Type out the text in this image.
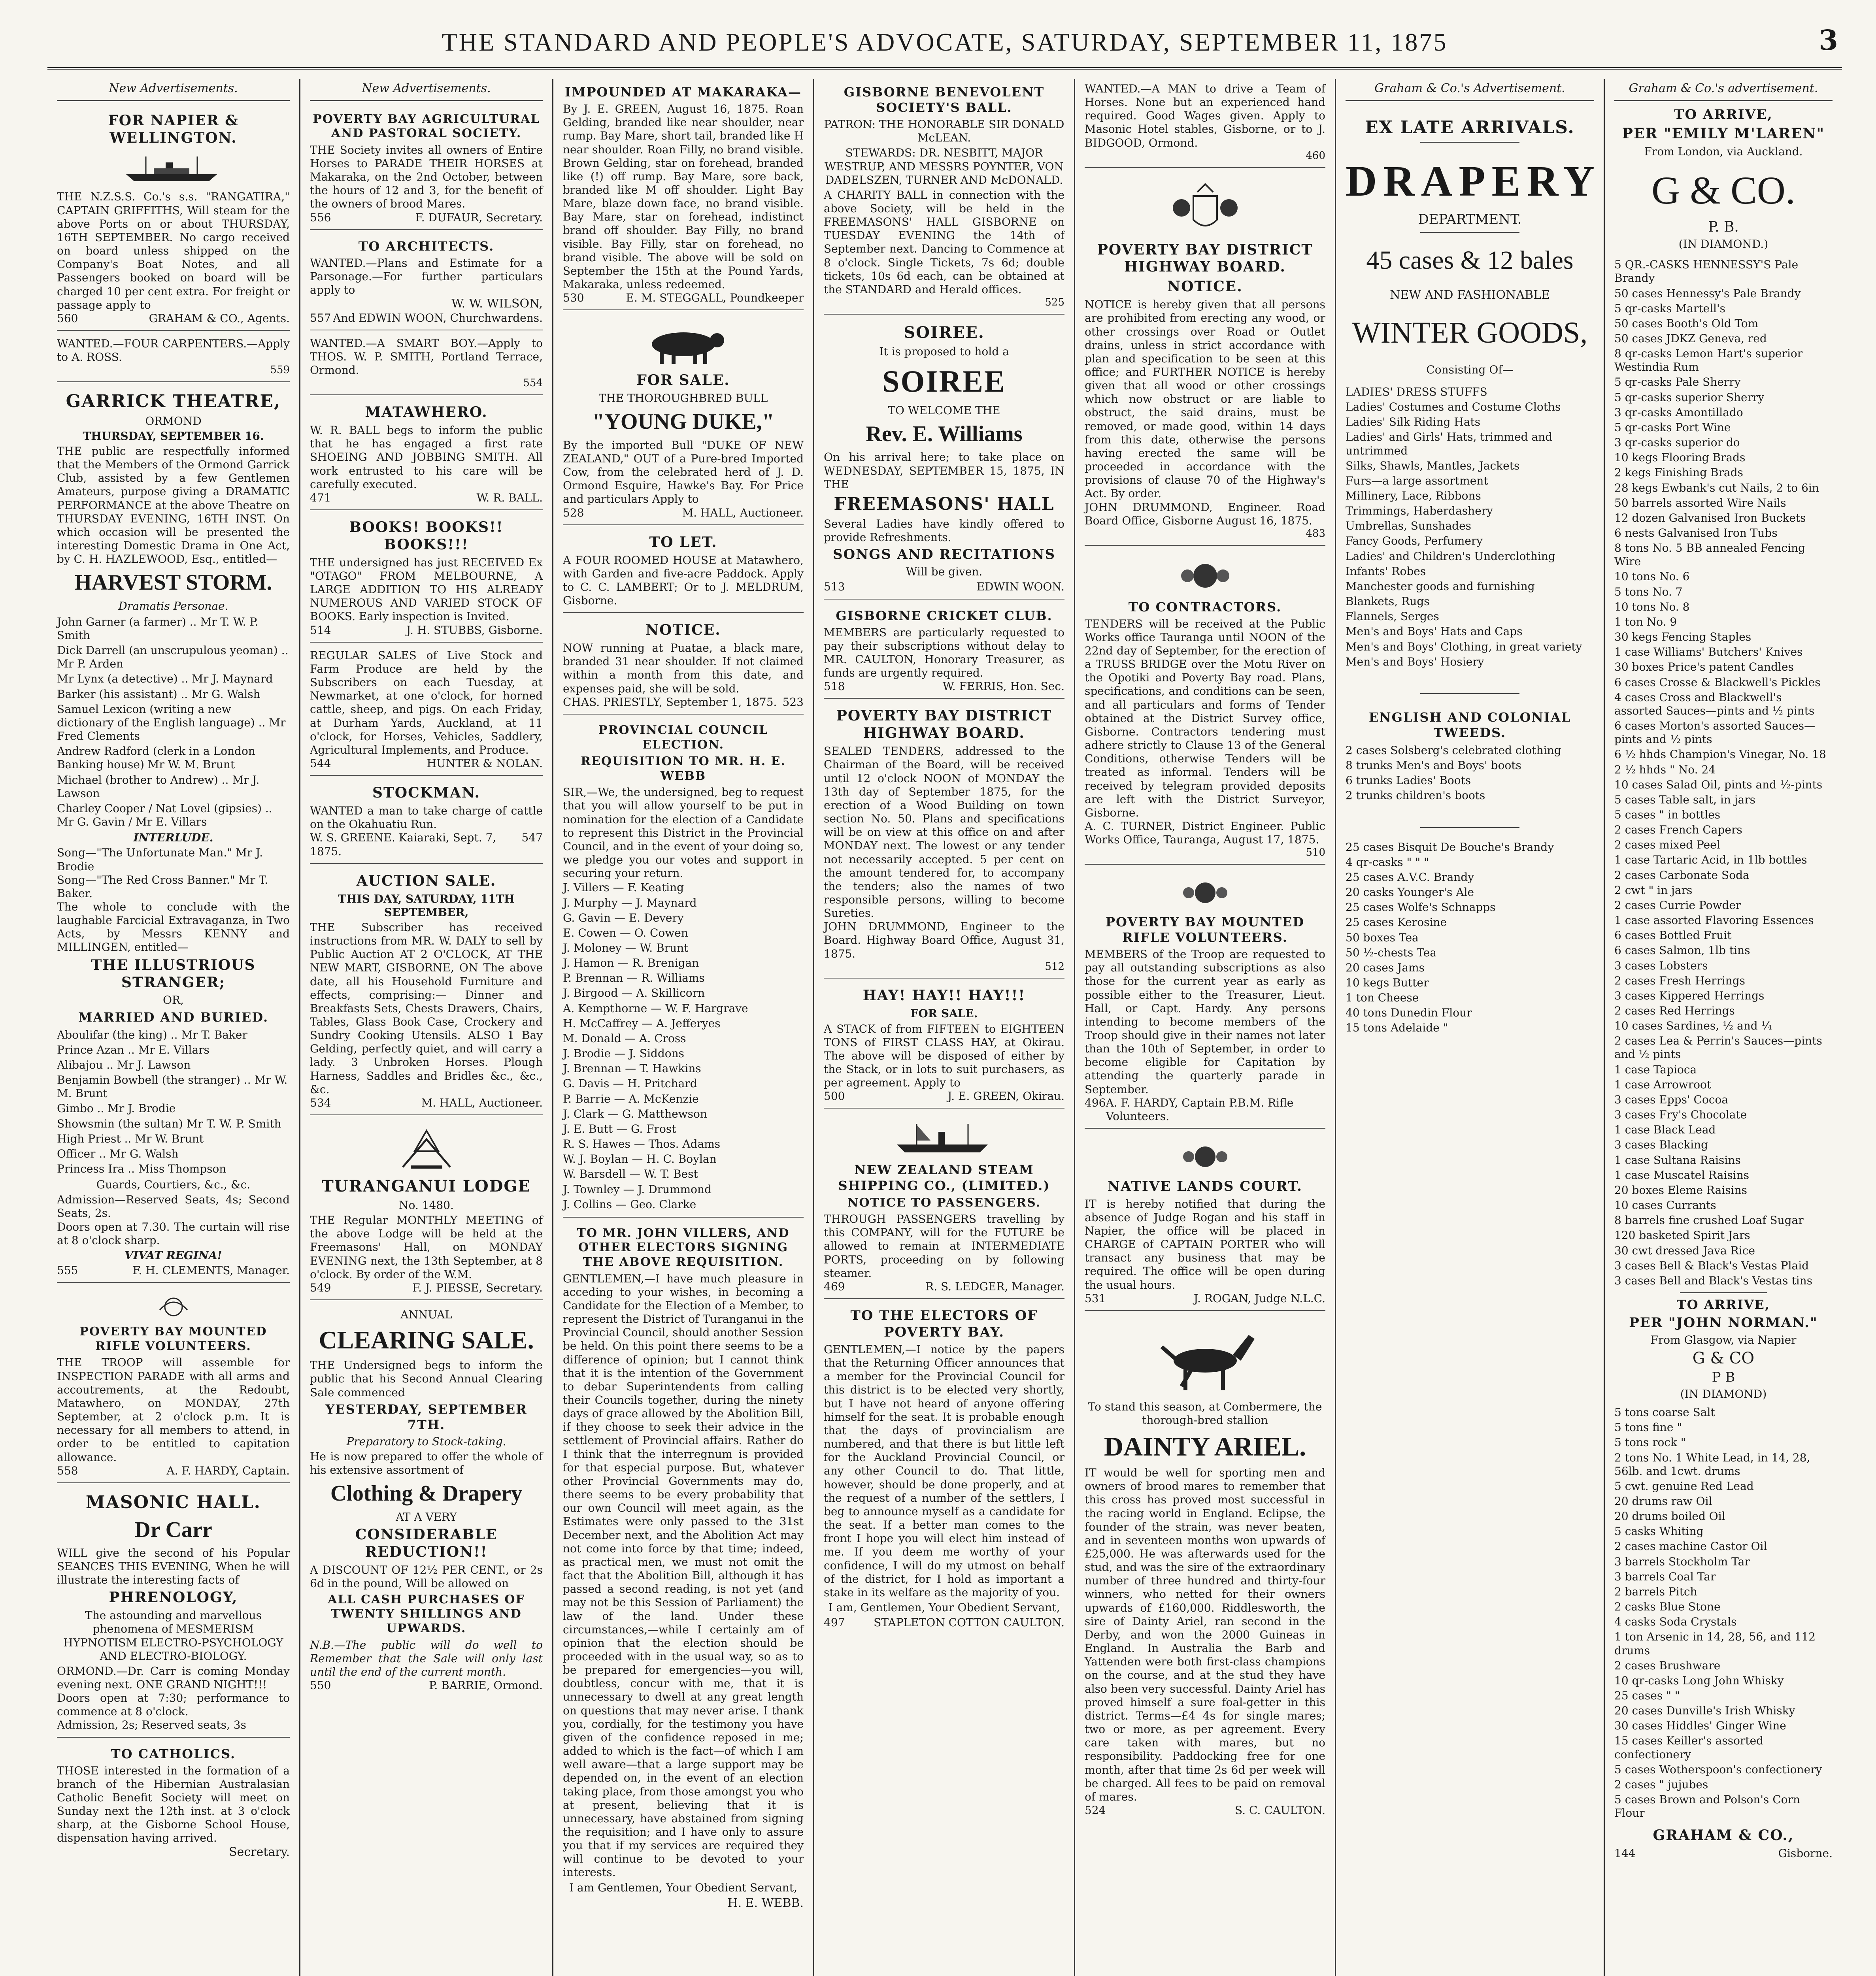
THE STANDARD AND PEOPLE'S ADVOCATE, SATURDAY, SEPTEMBER 11, 1875	3
New Advertisements.
FOR NAPIER & WELLINGTON.
THE N.Z.S.S. Co.'s s.s. "RANGATIRA," CAPTAIN GRIFFITHS, Will steam for the above Ports on or about THURSDAY, 16TH SEPTEMBER. No cargo received on board unless shipped on the Company's Boat Notes, and all Passengers booked on board will be charged 10 per cent extra. For freight or passage apply to
560	GRAHAM & CO., Agents.
WANTED.—FOUR CARPENTERS.—Apply to A. ROSS.
559
GARRICK THEATRE,
ORMOND
THURSDAY, SEPTEMBER 16.
THE public are respectfully informed that the Members of the Ormond Garrick Club, assisted by a few Gentlemen Amateurs, purpose giving a DRAMATIC PERFORMANCE at the above Theatre on THURSDAY EVENING, 16TH INST. On which occasion will be presented the interesting Domestic Drama in One Act, by C. H. HAZLEWOOD, Esq., entitled—
HARVEST STORM.
Dramatis Personae.
John Garner (a farmer) .. Mr T. W. P. Smith
Dick Darrell (an unscrupulous yeoman) .. Mr P. Arden
Mr Lynx (a detective) .. Mr J. Maynard
Barker (his assistant) .. Mr G. Walsh
Samuel Lexicon (writing a new dictionary of the English language) .. Mr Fred Clements
Andrew Radford (clerk in a London Banking house) Mr W. M. Brunt
Michael (brother to Andrew) .. Mr J. Lawson
Charley Cooper / Nat Lovel (gipsies) .. Mr G. Gavin / Mr E. Villars
INTERLUDE.
Song—"The Unfortunate Man." Mr J. Brodie
Song—"The Red Cross Banner." Mr T. Baker.
The whole to conclude with the laughable Farcicial Extravaganza, in Two Acts, by Messrs KENNY and MILLINGEN, entitled—
THE ILLUSTRIOUS STRANGER;
OR,
MARRIED AND BURIED.
Aboulifar (the king) .. Mr T. Baker
Prince Azan .. Mr E. Villars
Alibajou .. Mr J. Lawson
Benjamin Bowbell (the stranger) .. Mr W. M. Brunt
Gimbo .. Mr J. Brodie
Showsmin (the sultan) Mr T. W. P. Smith
High Priest .. Mr W. Brunt
Officer .. Mr G. Walsh
Princess Ira .. Miss Thompson
Guards, Courtiers, &c., &c.
Admission—Reserved Seats, 4s; Second Seats, 2s.
Doors open at 7.30. The curtain will rise at 8 o'clock sharp.
VIVAT REGINA!
555	F. H. CLEMENTS, Manager.
POVERTY BAY MOUNTED RIFLE VOLUNTEERS.
THE TROOP will assemble for INSPECTION PARADE with all arms and accoutrements, at the Redoubt, Matawhero, on MONDAY, 27th September, at 2 o'clock p.m. It is necessary for all members to attend, in order to be entitled to capitation allowance.
558	A. F. HARDY, Captain.
MASONIC HALL.
Dr Carr
WILL give the second of his Popular SEANCES THIS EVENING, When he will illustrate the interesting facts of
PHRENOLOGY,
The astounding and marvellous phenomena of MESMERISM HYPNOTISM ELECTRO-PSYCHOLOGY AND ELECTRO-BIOLOGY.
ORMOND.—Dr. Carr is coming Monday evening next. ONE GRAND NIGHT!!!
Doors open at 7:30; performance to commence at 8 o'clock.
Admission, 2s; Reserved seats, 3s
TO CATHOLICS.
THOSE interested in the formation of a branch of the Hibernian Australasian Catholic Benefit Society will meet on Sunday next the 12th inst. at 3 o'clock sharp, at the Gisborne School House, dispensation having arrived.
Secretary.
New Advertisements.
POVERTY BAY AGRICULTURAL AND PASTORAL SOCIETY.
THE Society invites all owners of Entire Horses to PARADE THEIR HORSES at Makaraka, on the 2nd October, between the hours of 12 and 3, for the benefit of the owners of brood Mares.
556	F. DUFAUR, Secretary.
TO ARCHITECTS.
WANTED.—Plans and Estimate for a Parsonage.—For further particulars apply to
W. W. WILSON,
557 And EDWIN WOON, Churchwardens.
WANTED.—A SMART BOY.—Apply to THOS. W. P. SMITH, Portland Terrace, Ormond.
554
MATAWHERO.
W. R. BALL begs to inform the public that he has engaged a first rate SHOEING AND JOBBING SMITH. All work entrusted to his care will be carefully executed.
471	W. R. BALL.
BOOKS! BOOKS!! BOOKS!!!
THE undersigned has just RECEIVED Ex "OTAGO" FROM MELBOURNE, A LARGE ADDITION TO HIS ALREADY NUMEROUS AND VARIED STOCK OF BOOKS. Early inspection is Invited.
514	J. H. STUBBS, Gisborne.
REGULAR SALES of Live Stock and Farm Produce are held by the Subscribers on each Tuesday, at Newmarket, at one o'clock, for horned cattle, sheep, and pigs. On each Friday, at Durham Yards, Auckland, at 11 o'clock, for Horses, Vehicles, Saddlery, Agricultural Implements, and Produce.
544	HUNTER & NOLAN.
STOCKMAN.
WANTED a man to take charge of cattle on the Okahuatiu Run.
W. S. GREENE. Kaiaraki, Sept. 7, 1875.
547
AUCTION SALE.
THIS DAY, SATURDAY, 11TH SEPTEMBER,
THE Subscriber has received instructions from MR. W. DALY to sell by Public Auction AT 2 O'CLOCK, AT THE NEW MART, GISBORNE, ON The above date, all his Household Furniture and effects, comprising:— Dinner and Breakfasts Sets, Chests Drawers, Chairs, Tables, Glass Book Case, Crockery and Sundry Cooking Utensils. ALSO 1 Bay Gelding, perfectly quiet, and will carry a lady. 3 Unbroken Horses. Plough Harness, Saddles and Bridles &c., &c., &c.
534	M. HALL, Auctioneer.
TURANGANUI LODGE
No. 1480.
THE Regular MONTHLY MEETING of the above Lodge will be held at the Freemasons' Hall, on MONDAY EVENING next, the 13th September, at 8 o'clock. By order of the W.M.
549	F. J. PIESSE, Secretary.
ANNUAL
CLEARING SALE.
THE Undersigned begs to inform the public that his Second Annual Clearing Sale commenced
YESTERDAY, SEPTEMBER 7TH.
Preparatory to Stock-taking.
He is now prepared to offer the whole of his extensive assortment of
Clothing & Drapery
AT A VERY
CONSIDERABLE REDUCTION!!
A DISCOUNT OF 12½ PER CENT., or 2s 6d in the pound, Will be allowed on
ALL CASH PURCHASES OF TWENTY SHILLINGS AND UPWARDS.
N.B.—The public will do well to Remember that the Sale will only last until the end of the current month.
550	P. BARRIE, Ormond.
IMPOUNDED AT MAKARAKA—
By J. E. GREEN, August 16, 1875. Roan Gelding, branded like near shoulder, near rump. Bay Mare, short tail, branded like H near shoulder. Roan Filly, no brand visible. Brown Gelding, star on forehead, branded like (!) off rump. Bay Mare, sore back, branded like M off shoulder. Light Bay Mare, blaze down face, no brand visible. Bay Mare, star on forehead, indistinct brand off shoulder. Bay Filly, no brand visible. Bay Filly, star on forehead, no brand visible. The above will be sold on September the 15th at the Pound Yards, Makaraka, unless redeemed.
530	E. M. STEGGALL, Poundkeeper
FOR SALE.
THE THOROUGHBRED BULL
"YOUNG DUKE,"
By the imported Bull "DUKE OF NEW ZEALAND," OUT of a Pure-bred Imported Cow, from the celebrated herd of J. D. Ormond Esquire, Hawke's Bay. For Price and particulars Apply to
528	M. HALL, Auctioneer.
TO LET.
A FOUR ROOMED HOUSE at Matawhero, with Garden and five-acre Paddock. Apply to C. C. LAMBERT; Or to J. MELDRUM, Gisborne.
NOTICE.
NOW running at Puatae, a black mare, branded 31 near shoulder. If not claimed within a month from this date, and expenses paid, she will be sold.
CHAS. PRIESTLY, September 1, 1875. 523
PROVINCIAL COUNCIL ELECTION.
REQUISITION TO MR. H. E. WEBB
SIR,—We, the undersigned, beg to request that you will allow yourself to be put in nomination for the election of a Candidate to represent this District in the Provincial Council, and in the event of your doing so, we pledge you our votes and support in securing your return.
J. Villers — F. Keating
J. Murphy — J. Maynard
G. Gavin — E. Devery
E. Cowen — O. Cowen
J. Moloney — W. Brunt
J. Hamon — R. Brenigan
P. Brennan — R. Williams
J. Birgood — A. Skillicorn
A. Kempthorne — W. F. Hargrave
H. McCaffrey — A. Jefferyes
M. Donald — A. Cross
J. Brodie — J. Siddons
J. Brennan — T. Hawkins
G. Davis — H. Pritchard
P. Barrie — A. McKenzie
J. Clark — G. Matthewson
J. E. Butt — G. Frost
R. S. Hawes — Thos. Adams
W. J. Boylan — H. C. Boylan
W. Barsdell — W. T. Best
J. Townley — J. Drummond
J. Collins — Geo. Clarke
TO MR. JOHN VILLERS, AND OTHER ELECTORS SIGNING THE ABOVE REQUISITION.
GENTLEMEN,—I have much pleasure in acceding to your wishes, in becoming a Candidate for the Election of a Member, to represent the District of Turanganui in the Provincial Council, should another Session be held. On this point there seems to be a difference of opinion; but I cannot think that it is the intention of the Government to debar Superintendents from calling their Councils together, during the ninety days of grace allowed by the Abolition Bill, if they choose to seek their advice in the settlement of Provincial affairs. Rather do I think that the interregnum is provided for that especial purpose. But, whatever other Provincial Governments may do, there seems to be every probability that our own Council will meet again, as the Estimates were only passed to the 31st December next, and the Abolition Act may not come into force by that time; indeed, as practical men, we must not omit the fact that the Abolition Bill, although it has passed a second reading, is not yet (and may not be this Session of Parliament) the law of the land. Under these circumstances,—while I certainly am of opinion that the election should be proceeded with in the usual way, so as to be prepared for emergencies—you will, doubtless, concur with me, that it is unnecessary to dwell at any great length on questions that may never arise. I thank you, cordially, for the testimony you have given of the confidence reposed in me; added to which is the fact—of which I am well aware—that a large support may be depended on, in the event of an election taking place, from those amongst you who at present, believing that it is unnecessary, have abstained from signing the requisition; and I have only to assure you that if my services are required they will continue to be devoted to your interests.
I am Gentlemen, Your Obedient Servant,
H. E. WEBB.
GISBORNE BENEVOLENT SOCIETY'S BALL.
PATRON: THE HONORABLE SIR DONALD McLEAN.
STEWARDS: DR. NESBITT, MAJOR WESTRUP, AND MESSRS POYNTER, VON DADELSZEN, TURNER AND McDONALD.
A CHARITY BALL in connection with the above Society, will be held in the FREEMASONS' HALL GISBORNE on TUESDAY EVENING the 14th of September next. Dancing to Commence at 8 o'clock. Single Tickets, 7s 6d; double tickets, 10s 6d each, can be obtained at the STANDARD and Herald offices.
525
SOIREE.
It is proposed to hold a
SOIREE
TO WELCOME THE
Rev. E. Williams
On his arrival here; to take place on WEDNESDAY, SEPTEMBER 15, 1875, IN THE
FREEMASONS' HALL
Several Ladies have kindly offered to provide Refreshments.
SONGS AND RECITATIONS
Will be given.
513	EDWIN WOON.
GISBORNE CRICKET CLUB.
MEMBERS are particularly requested to pay their subscriptions without delay to MR. CAULTON, Honorary Treasurer, as funds are urgently required.
518	W. FERRIS, Hon. Sec.
POVERTY BAY DISTRICT HIGHWAY BOARD.
SEALED TENDERS, addressed to the Chairman of the Board, will be received until 12 o'clock NOON of MONDAY the 13th day of September 1875, for the erection of a Wood Building on town section No. 50. Plans and specifications will be on view at this office on and after MONDAY next. The lowest or any tender not necessarily accepted. 5 per cent on the amount tendered for, to accompany the tenders; also the names of two responsible persons, willing to become Sureties.
JOHN DRUMMOND, Engineer to the Board. Highway Board Office, August 31, 1875.
512
HAY! HAY!! HAY!!!
FOR SALE.
A STACK of from FIFTEEN to EIGHTEEN TONS of FIRST CLASS HAY, at Okirau. The above will be disposed of either by the Stack, or in lots to suit purchasers, as per agreement. Apply to
500	J. E. GREEN, Okirau.
NEW ZEALAND STEAM SHIPPING CO., (LIMITED.)
NOTICE TO PASSENGERS.
THROUGH PASSENGERS travelling by this COMPANY, will for the FUTURE be allowed to remain at INTERMEDIATE PORTS, proceeding on by following steamer.
469	R. S. LEDGER, Manager.
TO THE ELECTORS OF POVERTY BAY.
GENTLEMEN,—I notice by the papers that the Returning Officer announces that a member for the Provincial Council for this district is to be elected very shortly, but I have not heard of anyone offering himself for the seat. It is probable enough that the days of provincialism are numbered, and that there is but little left for the Auckland Provincial Council, or any other Council to do. That little, however, should be done properly, and at the request of a number of the settlers, I beg to announce myself as a candidate for the seat. If a better man comes to the front I hope you will elect him instead of me. If you deem me worthy of your confidence, I will do my utmost on behalf of the district, for I hold as important a stake in its welfare as the majority of you.
I am, Gentlemen, Your Obedient Servant,
497	STAPLETON COTTON CAULTON.
WANTED.—A MAN to drive a Team of Horses. None but an experienced hand required. Good Wages given. Apply to Masonic Hotel stables, Gisborne, or to J. BIDGOOD, Ormond.
460
POVERTY BAY DISTRICT HIGHWAY BOARD.
NOTICE.
NOTICE is hereby given that all persons are prohibited from erecting any wood, or other crossings over Road or Outlet drains, unless in strict accordance with plan and specification to be seen at this office; and FURTHER NOTICE is hereby given that all wood or other crossings which now obstruct or are liable to obstruct, the said drains, must be removed, or made good, within 14 days from this date, otherwise the persons having erected the same will be proceeded in accordance with the provisions of clause 70 of the Highway's Act. By order.
JOHN DRUMMOND, Engineer. Road Board Office, Gisborne August 16, 1875.
483
TO CONTRACTORS.
TENDERS will be received at the Public Works office Tauranga until NOON of the 22nd day of September, for the erection of a TRUSS BRIDGE over the Motu River on the Opotiki and Poverty Bay road. Plans, specifications, and conditions can be seen, and all particulars and forms of Tender obtained at the District Survey office, Gisborne. Contractors tendering must adhere strictly to Clause 13 of the General Conditions, otherwise Tenders will be treated as informal. Tenders will be received by telegram provided deposits are left with the District Surveyor, Gisborne.
A. C. TURNER, District Engineer. Public Works Office, Tauranga, August 17, 1875.
510
POVERTY BAY MOUNTED RIFLE VOLUNTEERS.
MEMBERS of the Troop are requested to pay all outstanding subscriptions as also those for the current year as early as possible either to the Treasurer, Lieut. Hall, or Capt. Hardy. Any persons intending to become members of the Troop should give in their names not later than the 10th of September, in order to become eligible for Capitation by attending the quarterly parade in September.
496 A. F. HARDY, Captain P.B.M. Rifle Volunteers.
NATIVE LANDS COURT.
IT is hereby notified that during the absence of Judge Rogan and his staff in Napier, the office will be placed in CHARGE of CAPTAIN PORTER who will transact any business that may be required. The office will be open during the usual hours.
531	J. ROGAN, Judge N.L.C.
To stand this season, at Combermere, the thorough-bred stallion
DAINTY ARIEL.
IT would be well for sporting men and owners of brood mares to remember that this cross has proved most successful in the racing world in England. Eclipse, the founder of the strain, was never beaten, and in seventeen months won upwards of £25,000. He was afterwards used for the stud, and was the sire of the extraordinary number of three hundred and thirty-four winners, who netted for their owners upwards of £160,000. Riddlesworth, the sire of Dainty Ariel, ran second in the Derby, and won the 2000 Guineas in England. In Australia the Barb and Yattenden were both first-class champions on the course, and at the stud they have also been very successful. Dainty Ariel has proved himself a sure foal-getter in this district. Terms—£4 4s for single mares; two or more, as per agreement. Every care taken with mares, but no responsibility. Paddocking free for one month, after that time 2s 6d per week will be charged. All fees to be paid on removal of mares.
524	S. C. CAULTON.
Graham & Co.'s Advertisement.
EX LATE ARRIVALS.
DRAPERY
DEPARTMENT.
45 cases & 12 bales
NEW AND FASHIONABLE
WINTER GOODS,
Consisting Of—
LADIES' DRESS STUFFS
Ladies' Costumes and Costume Cloths
Ladies' Silk Riding Hats
Ladies' and Girls' Hats, trimmed and untrimmed
Silks, Shawls, Mantles, Jackets
Furs—a large assortment
Millinery, Lace, Ribbons
Trimmings, Haberdashery
Umbrellas, Sunshades
Fancy Goods, Perfumery
Ladies' and Children's Underclothing
Infants' Robes
Manchester goods and furnishing
Blankets, Rugs
Flannels, Serges
Men's and Boys' Hats and Caps
Men's and Boys' Clothing, in great variety
Men's and Boys' Hosiery
ENGLISH AND COLONIAL TWEEDS.
2 cases Solsberg's celebrated clothing
8 trunks Men's and Boys' boots
6 trunks Ladies' Boots
2 trunks children's boots
25 cases Bisquit De Bouche's Brandy
4 qr-casks " " "
25 cases A.V.C. Brandy
20 casks Younger's Ale
25 cases Wolfe's Schnapps
25 cases Kerosine
50 boxes Tea
50 ½-chests Tea
20 cases Jams
10 kegs Butter
1 ton Cheese
40 tons Dunedin Flour
15 tons Adelaide "
Graham & Co.'s advertisement.
TO ARRIVE,
PER "EMILY M'LAREN"
From London, via Auckland.
G & CO.
P. B.
(IN DIAMOND.)
5 QR.-CASKS HENNESSY'S Pale Brandy
50 cases Hennessy's Pale Brandy
5 qr-casks Martell's
50 cases Booth's Old Tom
50 cases JDKZ Geneva, red
8 qr-casks Lemon Hart's superior Westindia Rum
5 qr-casks Pale Sherry
5 qr-casks superior Sherry
3 qr-casks Amontillado
5 qr-casks Port Wine
3 qr-casks superior do
10 kegs Flooring Brads
2 kegs Finishing Brads
28 kegs Ewbank's cut Nails, 2 to 6in
50 barrels assorted Wire Nails
12 dozen Galvanised Iron Buckets
6 nests Galvanised Iron Tubs
8 tons No. 5 BB annealed Fencing Wire
10 tons No. 6
5 tons No. 7
10 tons No. 8
1 ton No. 9
30 kegs Fencing Staples
1 case Williams' Butchers' Knives
30 boxes Price's patent Candles
6 cases Crosse & Blackwell's Pickles
4 cases Cross and Blackwell's assorted Sauces—pints and ½ pints
6 cases Morton's assorted Sauces—pints and ½ pints
6 ½ hhds Champion's Vinegar, No. 18
2 ½ hhds " No. 24
10 cases Salad Oil, pints and ½-pints
5 cases Table salt, in jars
5 cases " in bottles
2 cases French Capers
2 cases mixed Peel
1 case Tartaric Acid, in 1lb bottles
2 cases Carbonate Soda
2 cwt " in jars
2 cases Currie Powder
1 case assorted Flavoring Essences
6 cases Bottled Fruit
6 cases Salmon, 1lb tins
3 cases Lobsters
2 cases Fresh Herrings
3 cases Kippered Herrings
2 cases Red Herrings
10 cases Sardines, ½ and ¼
2 cases Lea & Perrin's Sauces—pints and ½ pints
1 case Tapioca
1 case Arrowroot
3 cases Epps' Cocoa
3 cases Fry's Chocolate
1 case Black Lead
3 cases Blacking
1 case Sultana Raisins
1 case Muscatel Raisins
20 boxes Eleme Raisins
10 cases Currants
8 barrels fine crushed Loaf Sugar
120 basketed Spirit Jars
30 cwt dressed Java Rice
3 cases Bell & Black's Vestas Plaid
3 cases Bell and Black's Vestas tins
TO ARRIVE,
PER "JOHN NORMAN."
From Glasgow, via Napier
G & CO
P B
(IN DIAMOND)
5 tons coarse Salt
5 tons fine "
5 tons rock "
2 tons No. 1 White Lead, in 14, 28, 56lb. and 1cwt. drums
5 cwt. genuine Red Lead
20 drums raw Oil
20 drums boiled Oil
5 casks Whiting
2 cases machine Castor Oil
3 barrels Stockholm Tar
3 barrels Coal Tar
2 barrels Pitch
2 casks Blue Stone
4 casks Soda Crystals
1 ton Arsenic in 14, 28, 56, and 112 drums
2 cases Brushware
10 qr-casks Long John Whisky
25 cases " "
20 cases Dunville's Irish Whisky
30 cases Hiddles' Ginger Wine
15 cases Keiller's assorted confectionery
5 cases Wotherspoon's confectionery
2 cases " jujubes
5 cases Brown and Polson's Corn Flour
GRAHAM & CO.,
144	Gisborne.
